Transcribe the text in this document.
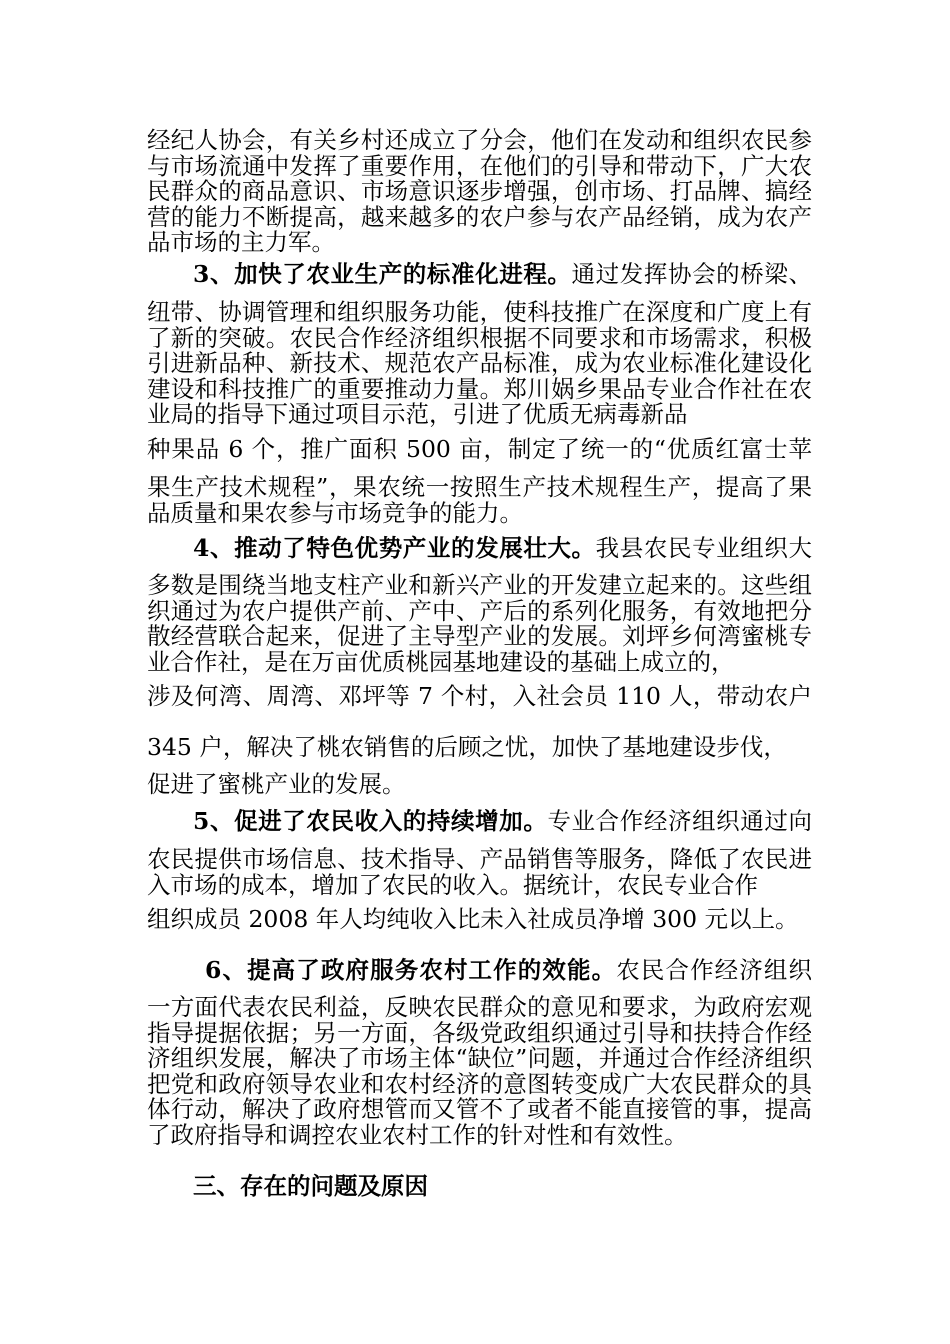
经纪人协会，有关乡村还成立了分会，他们在发动和组织农民参与市场流通中发挥了重要作用，在他们的引导和带动下，广大农民群众的商品意识、市场意识逐步增强，创市场、打品牌、搞经营的能力不断提高，越来越多的农户参与农产品经销，成为农产品市场的主力军。

3、加快了农业生产的标准化进程。通过发挥协会的桥梁、

纽带、协调管理和组织服务功能，使科技推广在深度和广度上有了新的突破。农民合作经济组织根据不同要求和市场需求，积极引进新品种、新技术、规范农产品标准，成为农业标准化建设化建设和科技推广的重要推动力量。郑川娲乡果品专业合作社在农业局的指导下通过项目示范，引进了优质无病毒新品

种果品 6 个，推广面积 500 亩，制定了统一的“优质红富士苹

果生产技术规程”，果农统一按照生产技术规程生产，提高了果品质量和果农参与市场竞争的能力。

4、推动了特色优势产业的发展壮大。我县农民专业组织大

多数是围绕当地支柱产业和新兴产业的开发建立起来的。这些组织通过为农户提供产前、产中、产后的系列化服务，有效地把分散经营联合起来，促进了主导型产业的发展。刘坪乡何湾蜜桃专业合作社，是在万亩优质桃园基地建设的基础上成立的，

涉及何湾、周湾、邓坪等 7 个村，入社会员 110 人，带动农户

345 户，解决了桃农销售的后顾之忧，加快了基地建设步伐，

促进了蜜桃产业的发展。

5、促进了农民收入的持续增加。专业合作经济组织通过向

农民提供市场信息、技术指导、产品销售等服务，降低了农民进入市场的成本，增加了农民的收入。据统计，农民专业合作

组织成员 2008 年人均纯收入比未入社成员净增 300 元以上。

6、提高了政府服务农村工作的效能。农民合作经济组织

一方面代表农民利益，反映农民群众的意见和要求，为政府宏观指导提据依据；另一方面，各级党政组织通过引导和扶持合作经济组织发展，解决了市场主体“缺位”问题，并通过合作经济组织把党和政府领导农业和农村经济的意图转变成广大农民群众的具体行动，解决了政府想管而又管不了或者不能直接管的事，提高了政府指导和调控农业农村工作的针对性和有效性。

三、存在的问题及原因
